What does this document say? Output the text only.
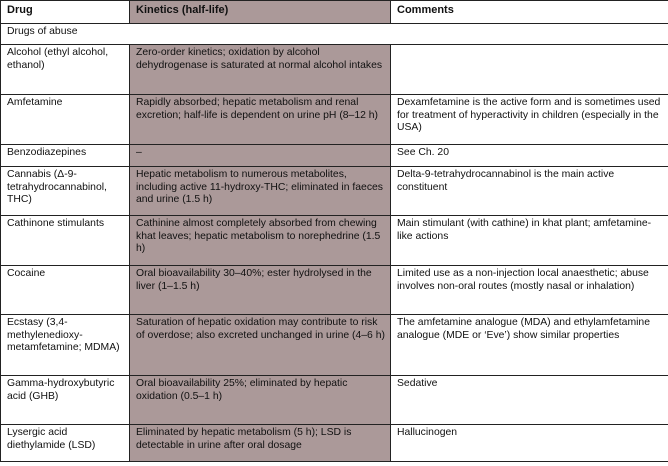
Drug	Kinetics (half-life)	Comments
Drugs of abuse		
Alcohol (ethyl alcohol, ethanol)	Zero-order kinetics; oxidation by alcohol dehydrogenase is saturated at normal alcohol intakes	
Amfetamine	Rapidly absorbed; hepatic metabolism and renal excretion; half-life is dependent on urine pH (8–12 h)	Dexamfetamine is the active form and is sometimes used for treatment of hyperactivity in children (especially in the USA)
Benzodiazepines	–	See Ch. 20
Cannabis (Δ-9-tetrahydrocannabinol, THC)	Hepatic metabolism to numerous metabolites, including active 11-hydroxy-THC; eliminated in faeces and urine (1.5 h)	Delta-9-tetrahydrocannabinol is the main active constituent
Cathinone stimulants	Cathinine almost completely absorbed from chewing khat leaves; hepatic metabolism to norephedrine (1.5 h)	Main stimulant (with cathine) in khat plant; amfetamine-like actions
Cocaine	Oral bioavailability 30–40%; ester hydrolysed in the liver (1–1.5 h)	Limited use as a non-injection local anaesthetic; abuse involves non-oral routes (mostly nasal or inhalation)
Ecstasy (3,4-methylenedioxy-metamfetamine; MDMA)	Saturation of hepatic oxidation may contribute to risk of overdose; also excreted unchanged in urine (4–6 h)	The amfetamine analogue (MDA) and ethylamfetamine analogue (MDE or ‘Eve’) show similar properties
Gamma-hydroxybutyric acid (GHB)	Oral bioavailability 25%; eliminated by hepatic oxidation (0.5–1 h)	Sedative
Lysergic acid diethylamide (LSD)	Eliminated by hepatic metabolism (5 h); LSD is detectable in urine after oral dosage	Hallucinogen
